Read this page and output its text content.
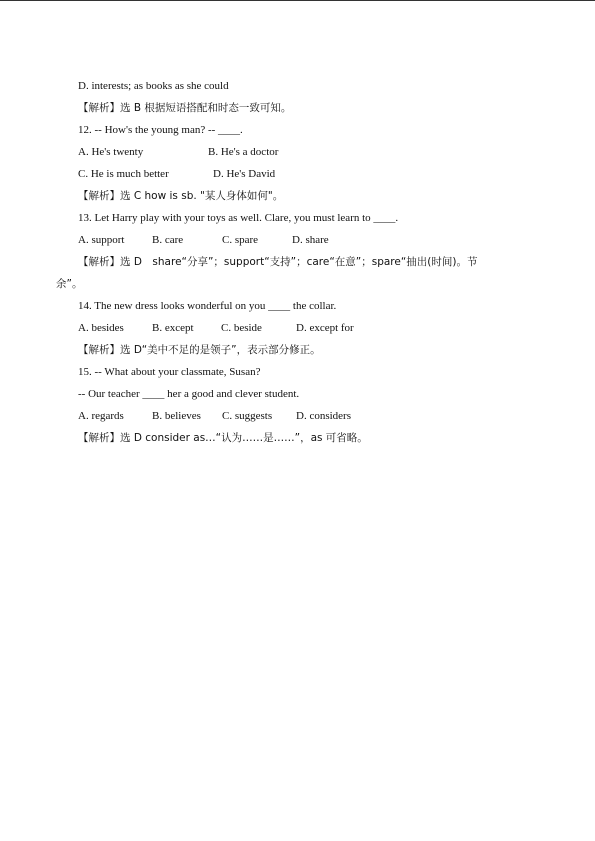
D. interests; as books as she could
【解析】选 B 根据短语搭配和时态一致可知。
12. -- How's the young man? -- ____.
A. He's twenty	B. He's a doctor
C. He is much better	D. He's David
【解析】选 C how is sb. "某人身体如何"。
13. Let Harry play with your toys as well. Clare, you must learn to ____.
A. support	B. care	C. spare	D. share
【解析】选 D　share“分享”；support“支持”；care“在意”；spare“抽出(时间)。节
余”。
14. The new dress looks wonderful on you ____ the collar.
A. besides	B. except C. beside	D. except for
【解析】选 D“美中不足的是领子”，表示部分修正。
15. -- What about your classmate, Susan?
-- Our teacher ____ her a good and clever student.
A. regards	B. believes C. suggests D. considers
【解析】选 D consider as…“认为……是……”，as 可省略。
